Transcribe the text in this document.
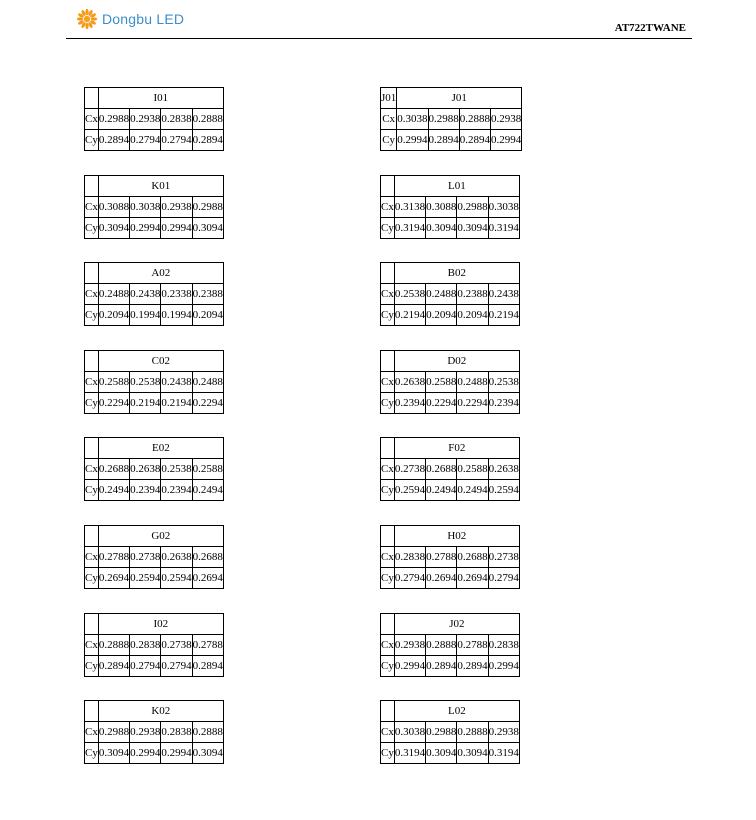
Dongbu LED
AT722TWANE
	I01			
Cx	0.2988	0.2938	0.2838	0.2888
Cy	0.2894	0.2794	0.2794	0.2894
J01	J01			
Cx	0.3038	0.2988	0.2888	0.2938
Cy	0.2994	0.2894	0.2894	0.2994
	K01			
Cx	0.3088	0.3038	0.2938	0.2988
Cy	0.3094	0.2994	0.2994	0.3094
	L01			
Cx	0.3138	0.3088	0.2988	0.3038
Cy	0.3194	0.3094	0.3094	0.3194
	A02			
Cx	0.2488	0.2438	0.2338	0.2388
Cy	0.2094	0.1994	0.1994	0.2094
	B02			
Cx	0.2538	0.2488	0.2388	0.2438
Cy	0.2194	0.2094	0.2094	0.2194
	C02			
Cx	0.2588	0.2538	0.2438	0.2488
Cy	0.2294	0.2194	0.2194	0.2294
	D02			
Cx	0.2638	0.2588	0.2488	0.2538
Cy	0.2394	0.2294	0.2294	0.2394
	E02			
Cx	0.2688	0.2638	0.2538	0.2588
Cy	0.2494	0.2394	0.2394	0.2494
	F02			
Cx	0.2738	0.2688	0.2588	0.2638
Cy	0.2594	0.2494	0.2494	0.2594
	G02			
Cx	0.2788	0.2738	0.2638	0.2688
Cy	0.2694	0.2594	0.2594	0.2694
	H02			
Cx	0.2838	0.2788	0.2688	0.2738
Cy	0.2794	0.2694	0.2694	0.2794
	I02			
Cx	0.2888	0.2838	0.2738	0.2788
Cy	0.2894	0.2794	0.2794	0.2894
	J02			
Cx	0.2938	0.2888	0.2788	0.2838
Cy	0.2994	0.2894	0.2894	0.2994
	K02			
Cx	0.2988	0.2938	0.2838	0.2888
Cy	0.3094	0.2994	0.2994	0.3094
	L02			
Cx	0.3038	0.2988	0.2888	0.2938
Cy	0.3194	0.3094	0.3094	0.3194
